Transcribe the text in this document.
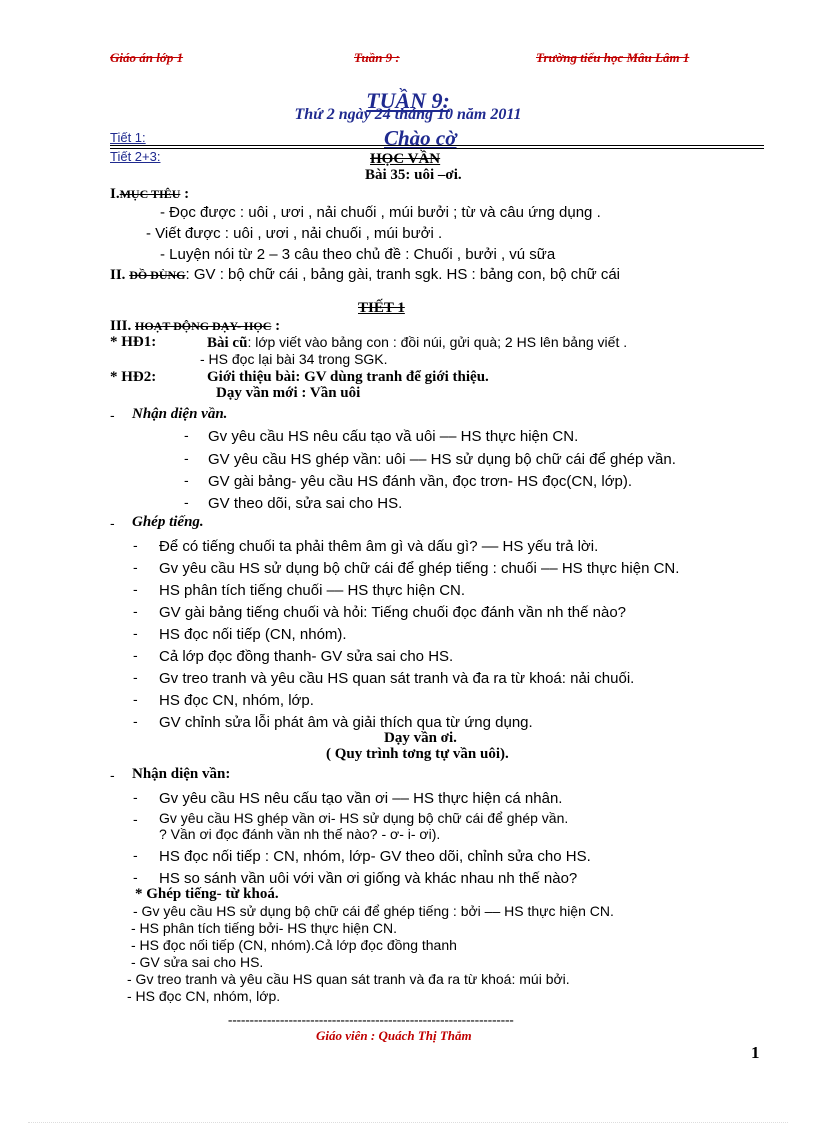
Giáo án lớp 1	Tuần 9 :	Trường tiểu học Mâu Lâm 1
TUẦN 9:
Thứ 2 ngày 24 tháng 10 năm 2011
Tiết 1:	Chào cờ
Tiết 2+3:	HỌC VẦN
Bài 35: uôi –ơi.
I.MỤC TIÊU :
- Đọc được : uôi , ươi , nải chuối , múi bưởi ; từ và câu ứng dụng .
- Viết được : uôi , ươi , nải chuối , múi bưởi .
- Luyện nói từ 2 – 3 câu theo chủ đề : Chuối , bưởi , vú sữa
II. ĐỒ DÙNG: GV : bộ chữ cái , bảng gài, tranh sgk. HS : bảng con, bộ chữ cái
TIẾT 1
III. HOẠT ĐỘNG DẠY- HỌC :
* HĐ1:	Bài cũ: lớp viết vào bảng con : đồi núi, gửi quà; 2 HS lên bảng viết .
- HS đọc lại bài 34 trong SGK.
* HĐ2:	Giới thiệu bài: GV dùng tranh để giới thiệu.
Dạy vần mới : Vần uôi
- Nhận diện vần.
- Gv yêu cầu HS nêu cấu tạo vầ uôi –– HS thực hiện CN.
- GV yêu cầu HS ghép vần: uôi –– HS sử dụng bộ chữ cái để ghép vần.
- GV gài bảng- yêu cầu HS đánh vần, đọc trơn- HS đọc(CN, lớp).
- GV theo dõi, sửa sai cho HS.
- Ghép tiếng.
- Để có tiếng chuối ta phải thêm âm gì và dấu gì? –– HS yếu trả lời.
- Gv yêu cầu HS sử dụng bộ chữ cái để ghép tiếng : chuối –– HS thực hiện CN.
- HS phân tích tiếng chuối –– HS thực hiện CN.
- GV gài bảng tiếng chuối và hỏi: Tiếng chuối đọc đánh vần nh thế nào?
- HS đọc nối tiếp (CN, nhóm).
- Cả lớp đọc đồng thanh- GV sửa sai cho HS.
- Gv treo tranh và yêu cầu HS quan sát tranh và đa ra từ khoá: nải chuối.
- HS đọc CN, nhóm, lớp.
- GV chỉnh sửa lỗi phát âm và giải thích qua từ ứng dụng.
Dạy vần ơi.
( Quy trình tơng tự vần uôi).
- Nhận diện vần:
- Gv yêu cầu HS nêu cấu tạo vần ơi –– HS thực hiện cá nhân.
- Gv yêu cầu HS ghép vần ơi- HS sử dụng bộ chữ cái để ghép vần.
? Vần ơi đọc đánh vần nh thế nào? - ơ- i- ơi).
- HS đọc nối tiếp : CN, nhóm, lớp- GV theo dõi, chỉnh sửa cho HS.
- HS so sánh vần uôi với vần ơi giống và khác nhau nh thế nào?
* Ghép tiếng- từ khoá.
- Gv yêu cầu HS sử dụng bộ chữ cái để ghép tiếng : bởi –– HS thực hiện CN.
- HS phân tích tiếng bởi- HS thực hiện CN.
- HS đọc nối tiếp (CN, nhóm).Cả lớp đọc đồng thanh
- GV sửa sai cho HS.
- Gv treo tranh và yêu cầu HS quan sát tranh và đa ra từ khoá: múi bởi.
- HS đọc CN, nhóm, lớp.
------------------------------------------------------------------
Giáo viên : Quách Thị Thắm
1
